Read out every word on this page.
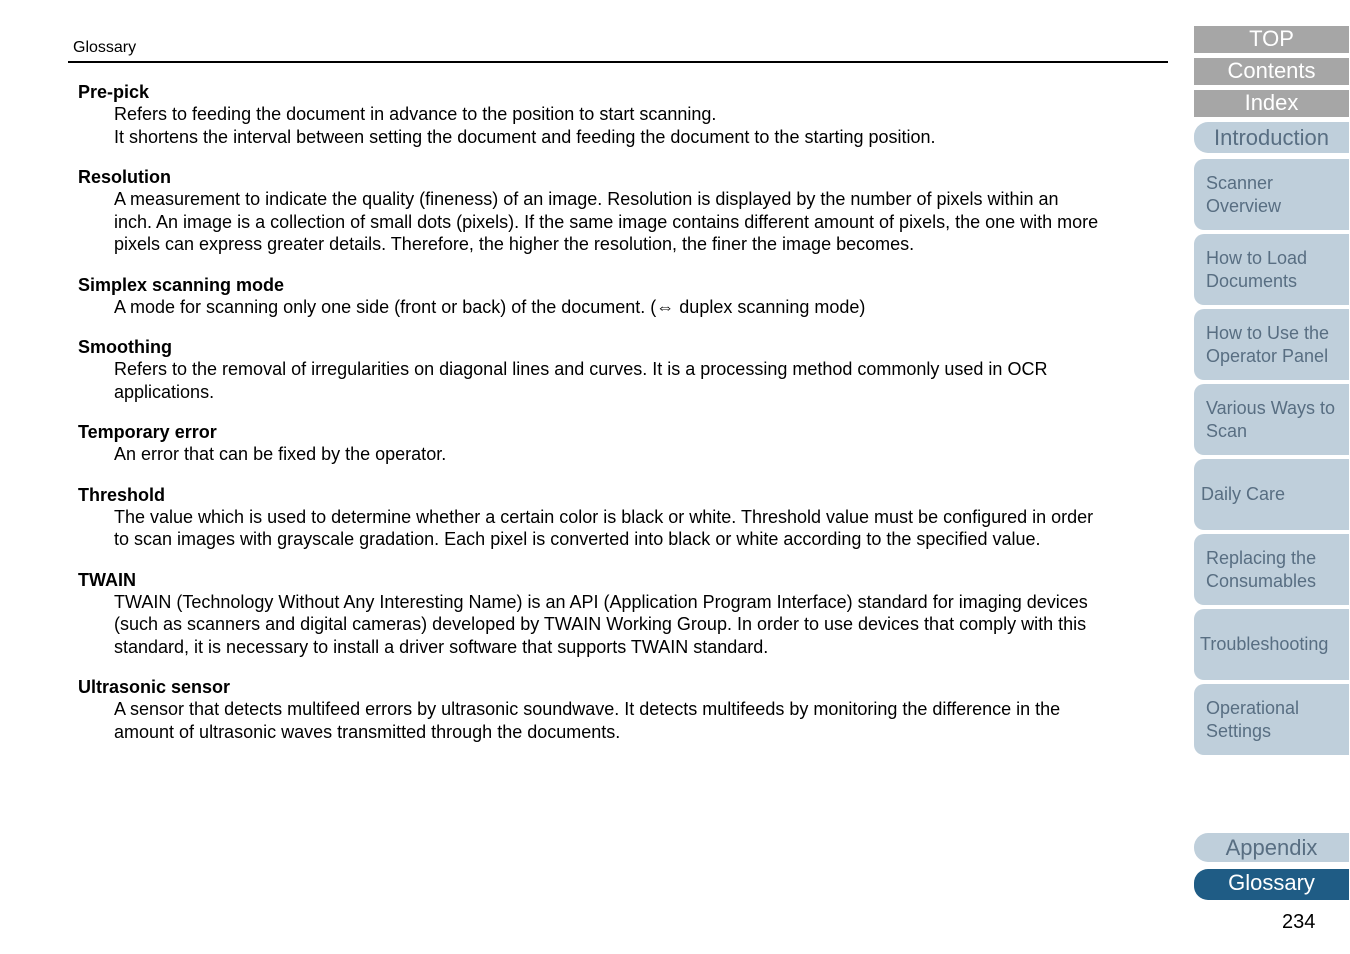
Glossary
Pre-pick

Refers to feeding the document in advance to the position to start scanning.

It shortens the interval between setting the document and feeding the document to the starting position.

Resolution

A measurement to indicate the quality (fineness) of an image. Resolution is displayed by the number of pixels within an

inch. An image is a collection of small dots (pixels). If the same image contains different amount of pixels, the one with more

pixels can express greater details. Therefore, the higher the resolution, the finer the image becomes.

Simplex scanning mode

A mode for scanning only one side (front or back) of the document. (⇔ duplex scanning mode)

Smoothing

Refers to the removal of irregularities on diagonal lines and curves. It is a processing method commonly used in OCR

applications.

Temporary error

An error that can be fixed by the operator.

Threshold

The value which is used to determine whether a certain color is black or white. Threshold value must be configured in order

to scan images with grayscale gradation. Each pixel is converted into black or white according to the specified value.

TWAIN

TWAIN (Technology Without Any Interesting Name) is an API (Application Program Interface) standard for imaging devices

(such as scanners and digital cameras) developed by TWAIN Working Group. In order to use devices that comply with this

standard, it is necessary to install a driver software that supports TWAIN standard.

Ultrasonic sensor

A sensor that detects multifeed errors by ultrasonic soundwave. It detects multifeeds by monitoring the difference in the

amount of ultrasonic waves transmitted through the documents.

TOP
Contents
Index
Introduction
Scanner
Overview
How to Load
Documents
How to Use the
Operator Panel
Various Ways to
Scan
Daily Care
Replacing the
Consumables
Troubleshooting
Operational
Settings
Appendix
Glossary
234
